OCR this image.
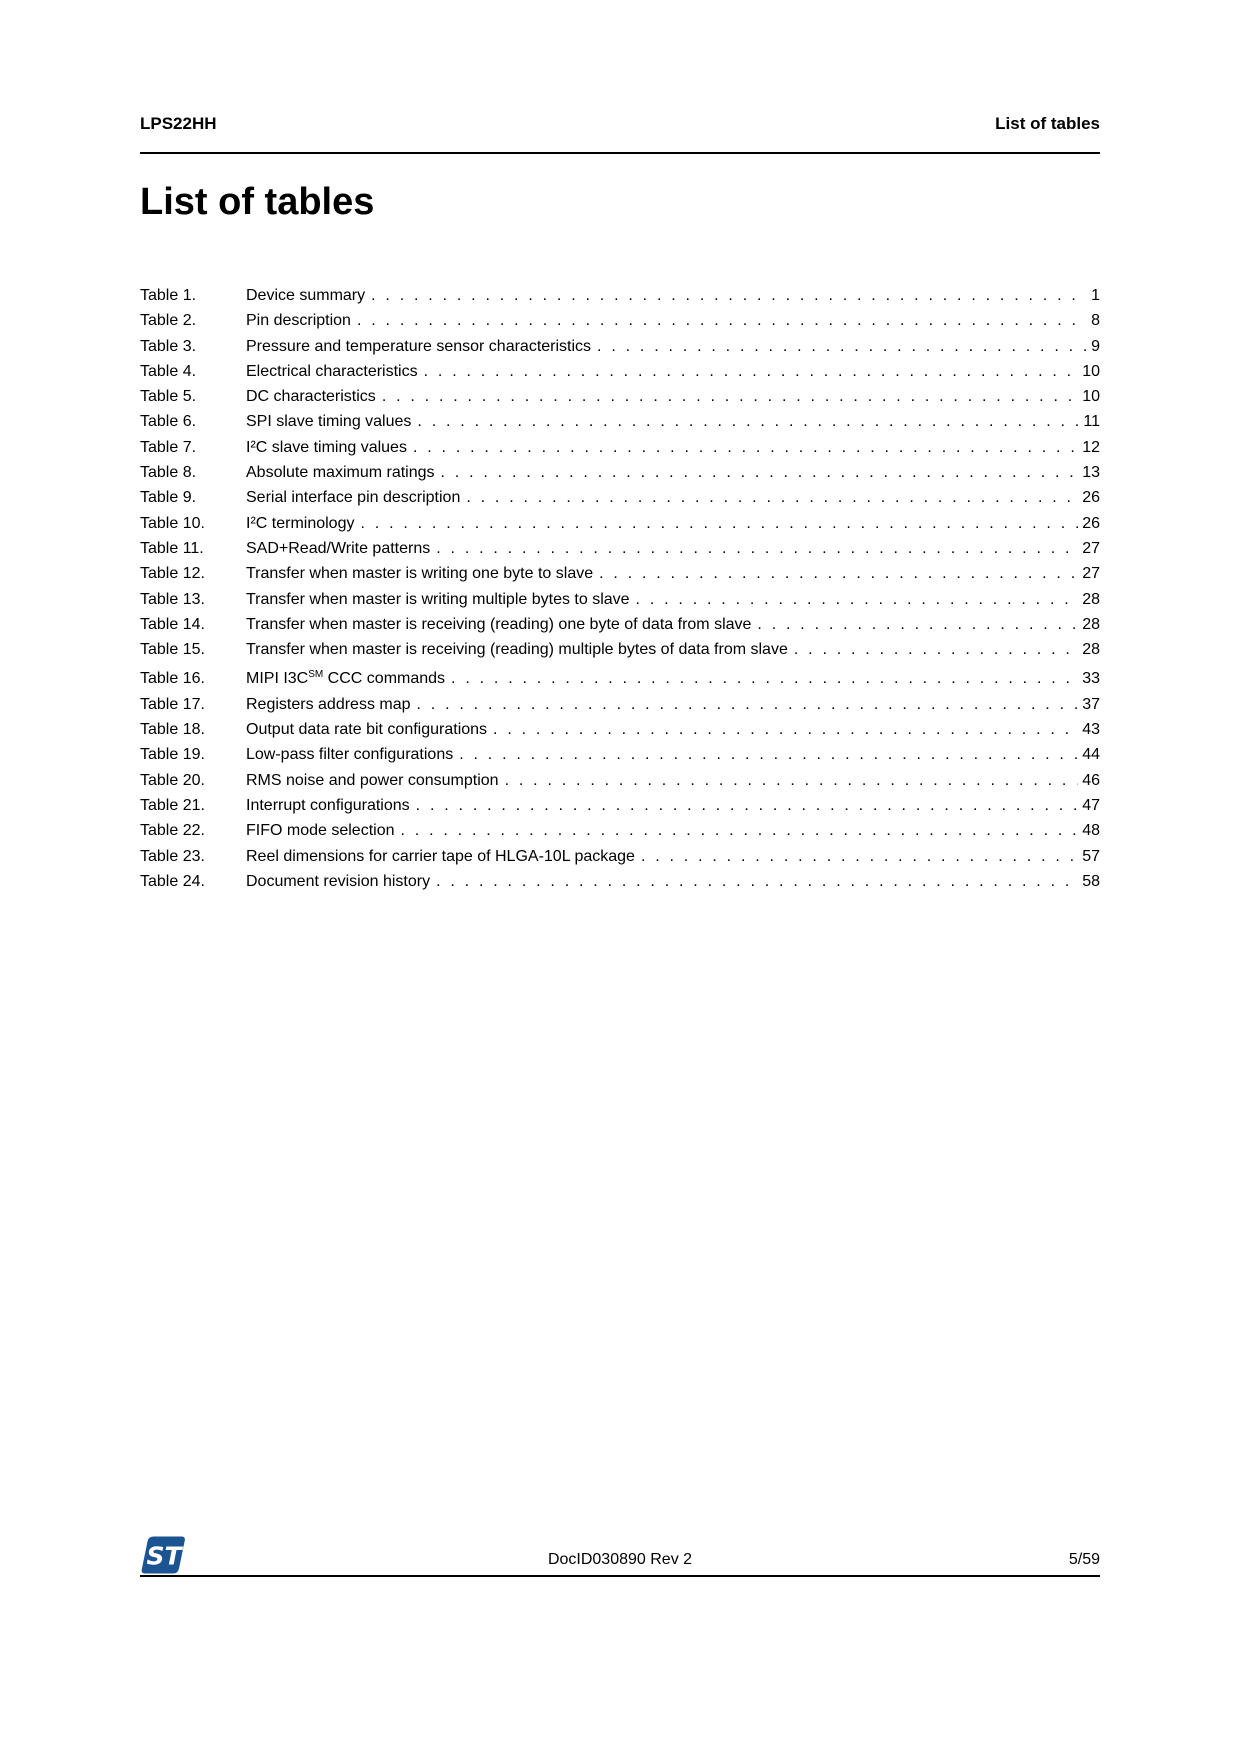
LPS22HH	List of tables
List of tables
Table 1.	Device summary . . .	1
Table 2.	Pin description . . .	8
Table 3.	Pressure and temperature sensor characteristics . . .	9
Table 4.	Electrical characteristics . . .	10
Table 5.	DC characteristics . . .	10
Table 6.	SPI slave timing values . . .	11
Table 7.	I²C slave timing values . . .	12
Table 8.	Absolute maximum ratings . . .	13
Table 9.	Serial interface pin description . . .	26
Table 10.	I²C terminology . . .	26
Table 11.	SAD+Read/Write patterns . . .	27
Table 12.	Transfer when master is writing one byte to slave . . .	27
Table 13.	Transfer when master is writing multiple bytes to slave . . .	28
Table 14.	Transfer when master is receiving (reading) one byte of data from slave . . .	28
Table 15.	Transfer when master is receiving (reading) multiple bytes of data from slave . . .	28
Table 16.	MIPI I3C℠ CCC commands . . .	33
Table 17.	Registers address map . . .	37
Table 18.	Output data rate bit configurations . . .	43
Table 19.	Low-pass filter configurations . . .	44
Table 20.	RMS noise and power consumption . . .	46
Table 21.	Interrupt configurations . . .	47
Table 22.	FIFO mode selection . . .	48
Table 23.	Reel dimensions for carrier tape of HLGA-10L package . . .	57
Table 24.	Document revision history . . .	58
ST	DocID030890 Rev 2	5/59
